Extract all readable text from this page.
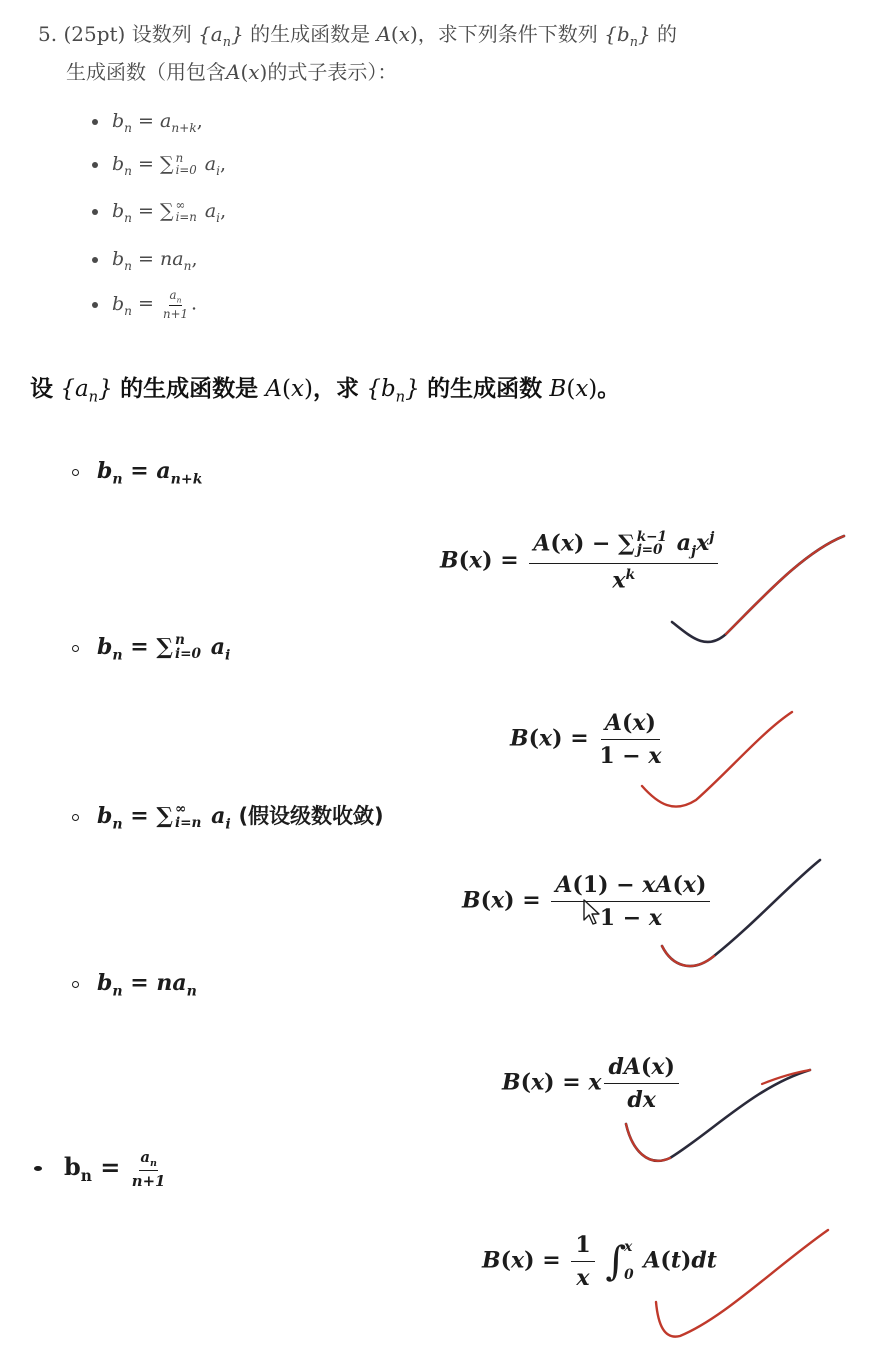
5. (25pt) 设数列 $\{a_n\}$ 的生成函数是 A(x)，求下列条件下数列 $\{b_n\}$ 的
生成函数（用包含A(x)的式子表示）：
$b_n = a_{n+k}$,
$b_n$ = ∑ n
i=0 $a_i$,
$b_n$ = ∑ ∞
i=n $a_i$,
$b_n = na_n$,
$b_n = \frac{a_n}{n+1}$ .
设 $\{a_n\}$ 的生成函数是 A(x)，求 $\{b_n\}$ 的生成函数 B(x)。
$b_n = a_{n+k}$
B(x) = A(x) − ∑ k−1
j=0 $a_jx^j$
$x^k$
$b_n$ = ∑ n
i=0 $a_i$
$B(x) = \frac{A(x)}{1 - x}$
$b_n$ = ∑ ∞
i=n $a_i$ (假设级数收敛)
$B(x) = \frac{A(1) - xA(x)}{1 - x}$
$b_n = na_n$
B(x) = x $\frac{dA(x)}{dx}$
$b_n = \frac{a_n}{n+1}$
$B(x) = \frac{1}{x}$ ∫
x
0
A(t)dt
